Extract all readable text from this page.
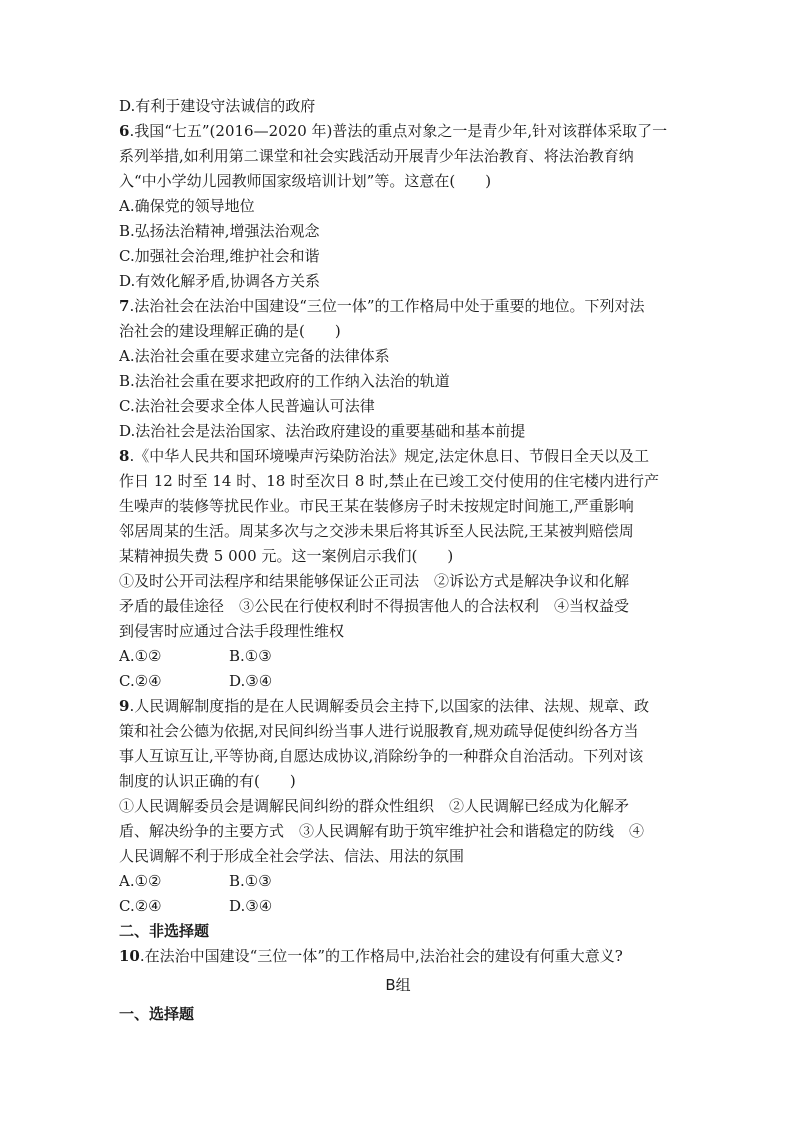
D.有利于建设守法诚信的政府
6.我国“七五”(2016—2020 年)普法的重点对象之一是青少年,针对该群体采取了一
系列举措,如利用第二课堂和社会实践活动开展青少年法治教育、将法治教育纳
入“中小学幼儿园教师国家级培训计划”等。这意在(　　)
A.确保党的领导地位
B.弘扬法治精神,增强法治观念
C.加强社会治理,维护社会和谐
D.有效化解矛盾,协调各方关系
7.法治社会在法治中国建设“三位一体”的工作格局中处于重要的地位。下列对法
治社会的建设理解正确的是(　　)
A.法治社会重在要求建立完备的法律体系
B.法治社会重在要求把政府的工作纳入法治的轨道
C.法治社会要求全体人民普遍认可法律
D.法治社会是法治国家、法治政府建设的重要基础和基本前提
8.《中华人民共和国环境噪声污染防治法》规定,法定休息日、节假日全天以及工
作日 12 时至 14 时、18 时至次日 8 时,禁止在已竣工交付使用的住宅楼内进行产
生噪声的装修等扰民作业。市民王某在装修房子时未按规定时间施工,严重影响
邻居周某的生活。周某多次与之交涉未果后将其诉至人民法院,王某被判赔偿周
某精神损失费 5 000 元。这一案例启示我们(　　)
①及时公开司法程序和结果能够保证公正司法　②诉讼方式是解决争议和化解
矛盾的最佳途径　③公民在行使权利时不得损害他人的合法权利　④当权益受
到侵害时应通过合法手段理性维权
A.①②	B.①③
C.②④	D.③④
9.人民调解制度指的是在人民调解委员会主持下,以国家的法律、法规、规章、政
策和社会公德为依据,对民间纠纷当事人进行说服教育,规劝疏导促使纠纷各方当
事人互谅互让,平等协商,自愿达成协议,消除纷争的一种群众自治活动。下列对该
制度的认识正确的有(　　)
①人民调解委员会是调解民间纠纷的群众性组织　②人民调解已经成为化解矛
盾、解决纷争的主要方式　③人民调解有助于筑牢维护社会和谐稳定的防线　④
人民调解不利于形成全社会学法、信法、用法的氛围
A.①②	B.①③
C.②④	D.③④
二、非选择题
10.在法治中国建设“三位一体”的工作格局中,法治社会的建设有何重大意义?
B组
一、选择题
